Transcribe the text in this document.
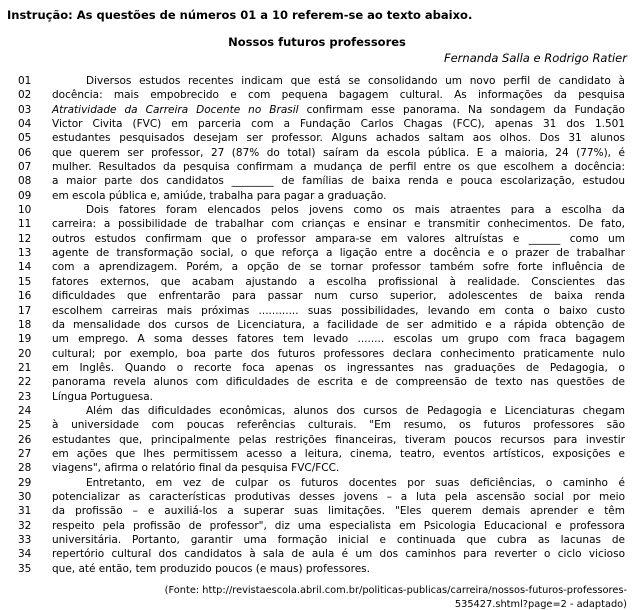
Instrução: As questões de números 01 a 10 referem-se ao texto abaixo.
Nossos futuros professores
Fernanda Salla e Rodrigo Ratier
01	Diversos estudos recentes indicam que está se consolidando um novo perfil de candidato à
02	docência: mais empobrecido e com pequena bagagem cultural. As informações da pesquisa
03	Atratividade da Carreira Docente no Brasil confirmam esse panorama. Na sondagem da Fundação
04	Victor Civita (FVC) em parceria com a Fundação Carlos Chagas (FCC), apenas 31 dos 1.501
05	estudantes pesquisados desejam ser professor. Alguns achados saltam aos olhos. Dos 31 alunos
06	que querem ser professor, 27 (87% do total) saíram da escola pública. E a maioria, 24 (77%), é
07	mulher. Resultados da pesquisa confirmam a mudança de perfil entre os que escolhem a docência:
08	a maior parte dos candidatos ________ de famílias de baixa renda e pouca escolarização, estudou
09	em escola pública e, amiúde, trabalha para pagar a graduação.
10	Dois fatores foram elencados pelos jovens como os mais atraentes para a escolha da
11	carreira: a possibilidade de trabalhar com crianças e ensinar e transmitir conhecimentos. De fato,
12	outros estudos confirmam que o professor ampara-se em valores altruístas e ______ como um
13	agente de transformação social, o que reforça a ligação entre a docência e o prazer de trabalhar
14	com a aprendizagem. Porém, a opção de se tornar professor também sofre forte influência de
15	fatores externos, que acabam ajustando a escolha profissional à realidade. Conscientes das
16	dificuldades que enfrentarão para passar num curso superior, adolescentes de baixa renda
17	escolhem carreiras mais próximas ............ suas possibilidades, levando em conta o baixo custo
18	da mensalidade dos cursos de Licenciatura, a facilidade de ser admitido e a rápida obtenção de
19	um emprego. A soma desses fatores tem levado ........ escolas um grupo com fraca bagagem
20	cultural; por exemplo, boa parte dos futuros professores declara conhecimento praticamente nulo
21	em Inglês. Quando o recorte foca apenas os ingressantes nas graduações de Pedagogia, o
22	panorama revela alunos com dificuldades de escrita e de compreensão de texto nas questões de
23	Língua Portuguesa.
24	Além das dificuldades econômicas, alunos dos cursos de Pedagogia e Licenciaturas chegam
25	à universidade com poucas referências culturais. "Em resumo, os futuros professores são
26	estudantes que, principalmente pelas restrições financeiras, tiveram poucos recursos para investir
27	em ações que lhes permitissem acesso a leitura, cinema, teatro, eventos artísticos, exposições e
28	viagens", afirma o relatório final da pesquisa FVC/FCC.
29	Entretanto, em vez de culpar os futuros docentes por suas deficiências, o caminho é
30	potencializar as características produtivas desses jovens – a luta pela ascensão social por meio
31	da profissão – e auxiliá-los a superar suas limitações. "Eles querem demais aprender e têm
32	respeito pela profissão de professor", diz uma especialista em Psicologia Educacional e professora
33	universitária. Portanto, garantir uma formação inicial e continuada que cubra as lacunas de
34	repertório cultural dos candidatos à sala de aula é um dos caminhos para reverter o ciclo vicioso
35	que, até então, tem produzido poucos (e maus) professores.
(Fonte: http://revistaescola.abril.com.br/politicas-publicas/carreira/nossos-futuros-professores-
535427.shtml?page=2 - adaptado)
